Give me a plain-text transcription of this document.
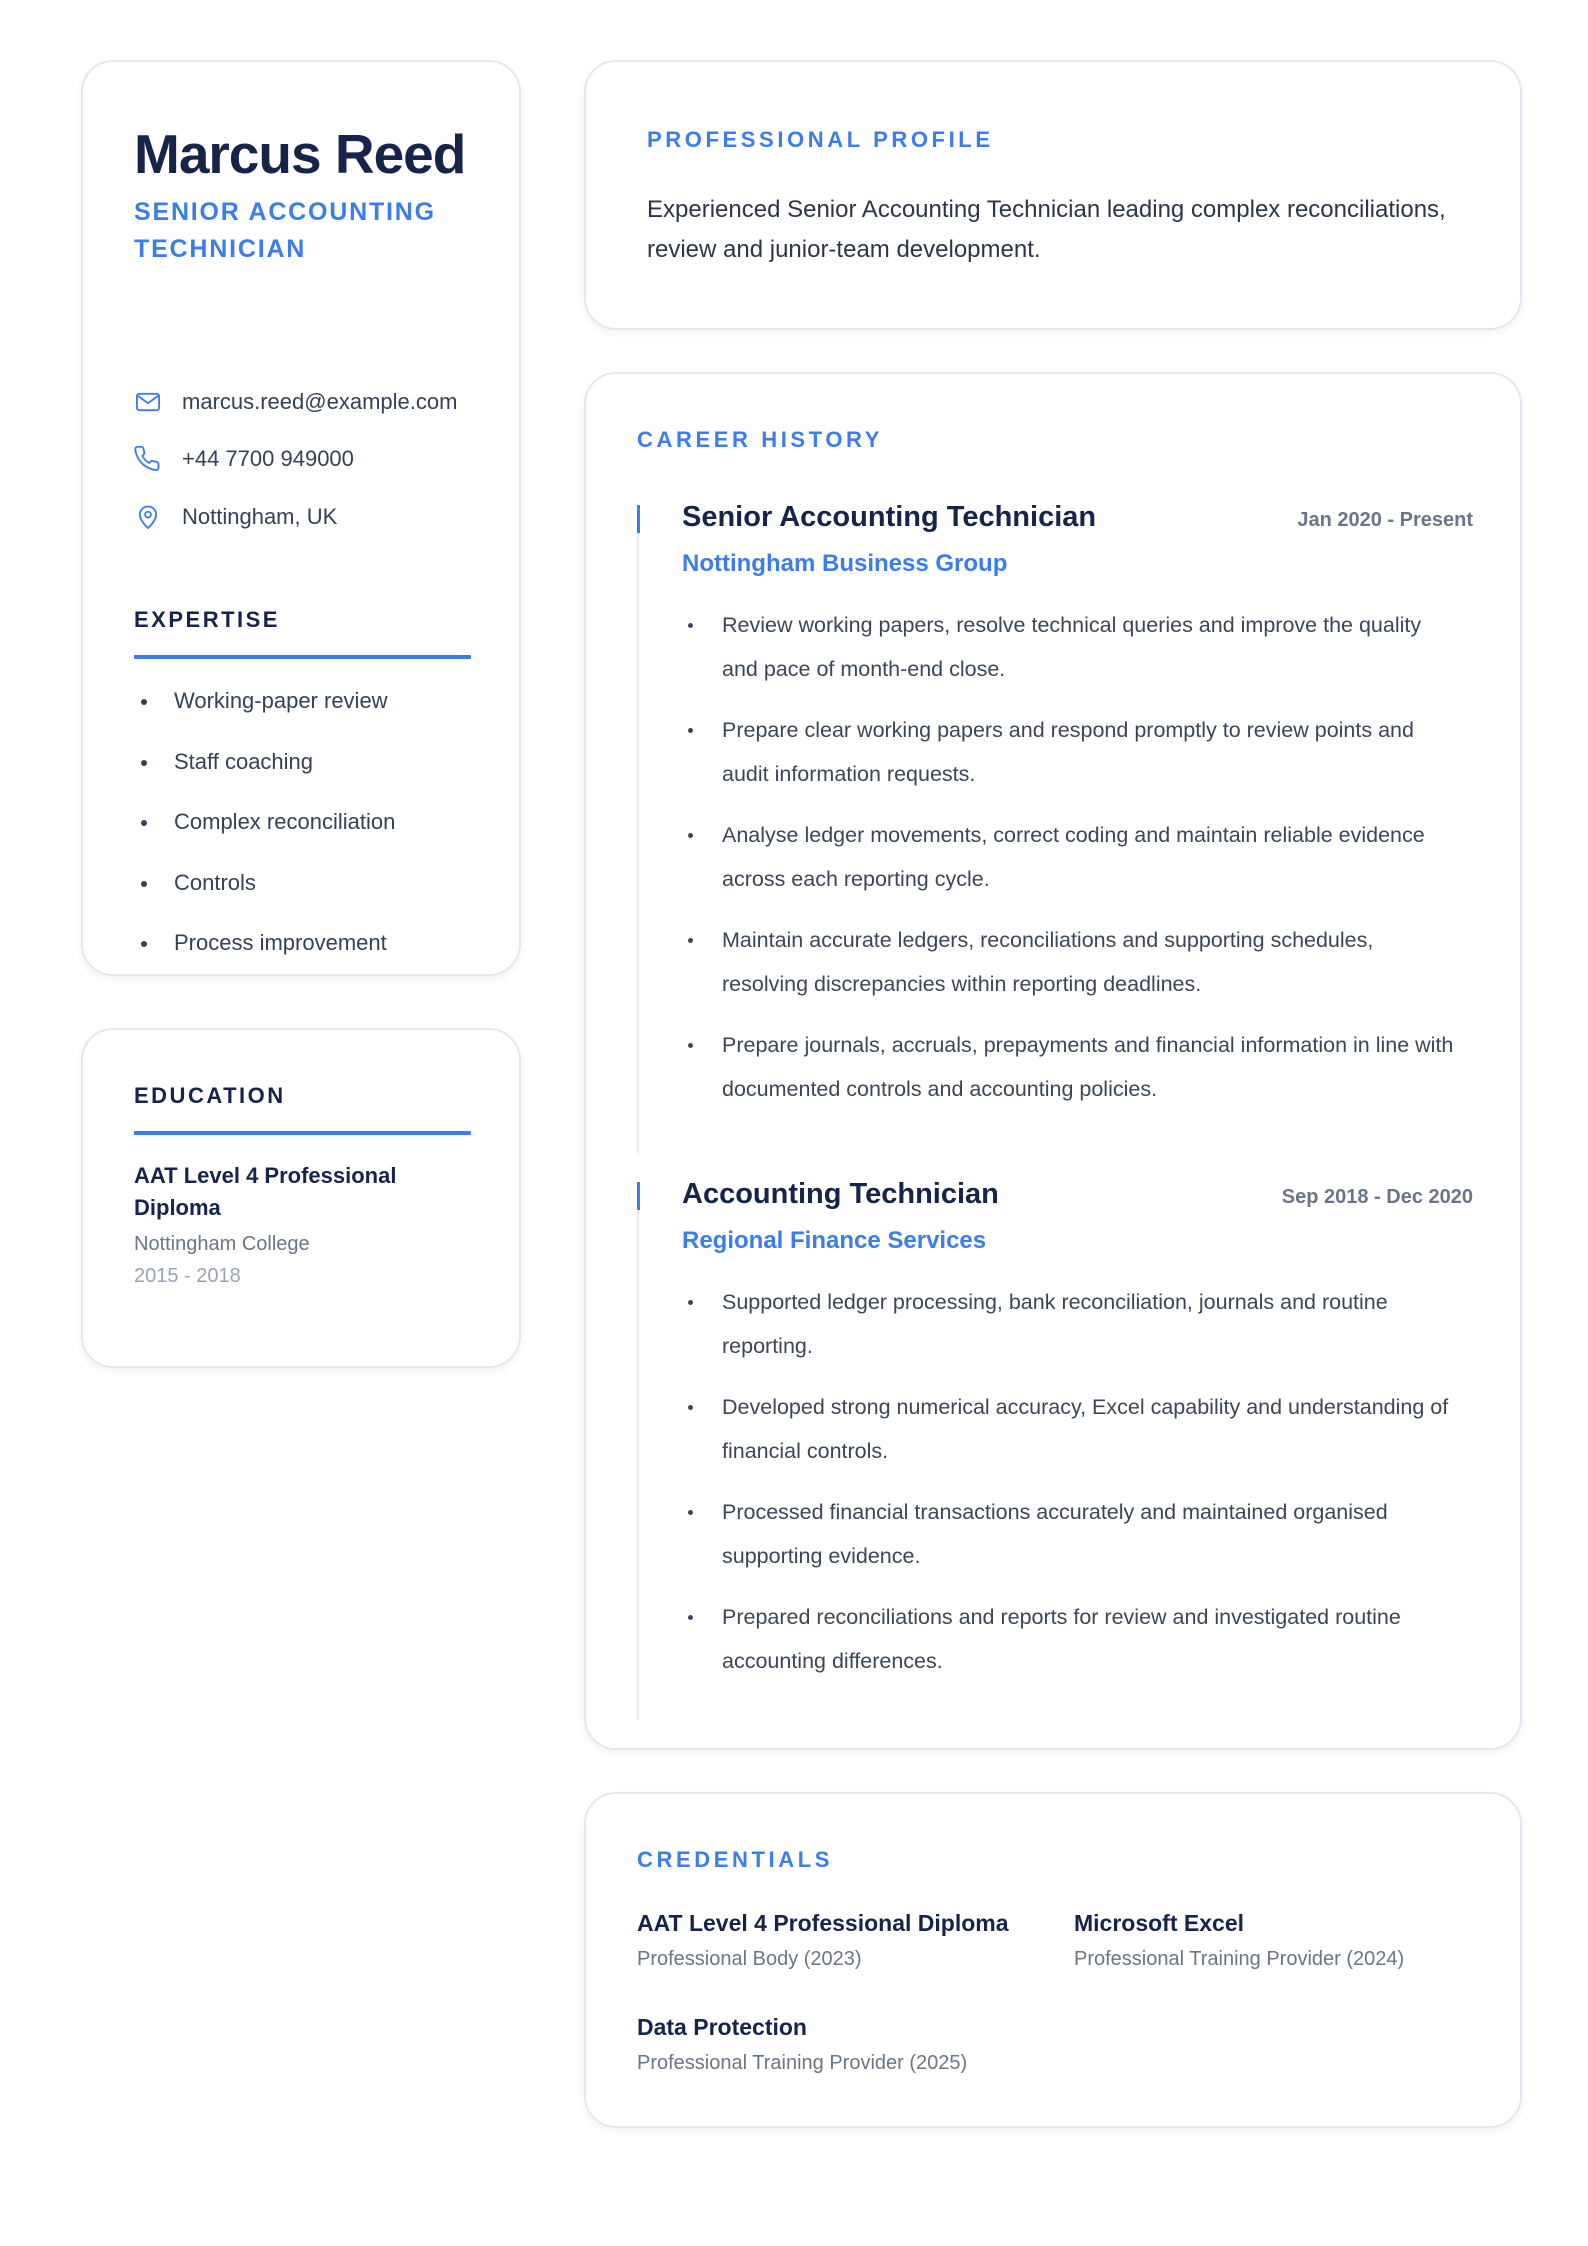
Marcus Reed
SENIOR ACCOUNTING TECHNICIAN
marcus.reed@example.com
+44 7700 949000
Nottingham, UK
EXPERTISE
Working-paper review
Staff coaching
Complex reconciliation
Controls
Process improvement
EDUCATION
AAT Level 4 Professional Diploma
Nottingham College
2015 - 2018
PROFESSIONAL PROFILE
Experienced Senior Accounting Technician leading complex reconciliations, review and junior-team development.
CAREER HISTORY
Senior Accounting Technician	Jan 2020 - Present
Nottingham Business Group
Review working papers, resolve technical queries and improve the quality and pace of month-end close.
Prepare clear working papers and respond promptly to review points and audit information requests.
Analyse ledger movements, correct coding and maintain reliable evidence across each reporting cycle.
Maintain accurate ledgers, reconciliations and supporting schedules, resolving discrepancies within reporting deadlines.
Prepare journals, accruals, prepayments and financial information in line with documented controls and accounting policies.
Accounting Technician	Sep 2018 - Dec 2020
Regional Finance Services
Supported ledger processing, bank reconciliation, journals and routine reporting.
Developed strong numerical accuracy, Excel capability and understanding of financial controls.
Processed financial transactions accurately and maintained organised supporting evidence.
Prepared reconciliations and reports for review and investigated routine accounting differences.
CREDENTIALS
AAT Level 4 Professional Diploma
Professional Body (2023)
Microsoft Excel
Professional Training Provider (2024)
Data Protection
Professional Training Provider (2025)
